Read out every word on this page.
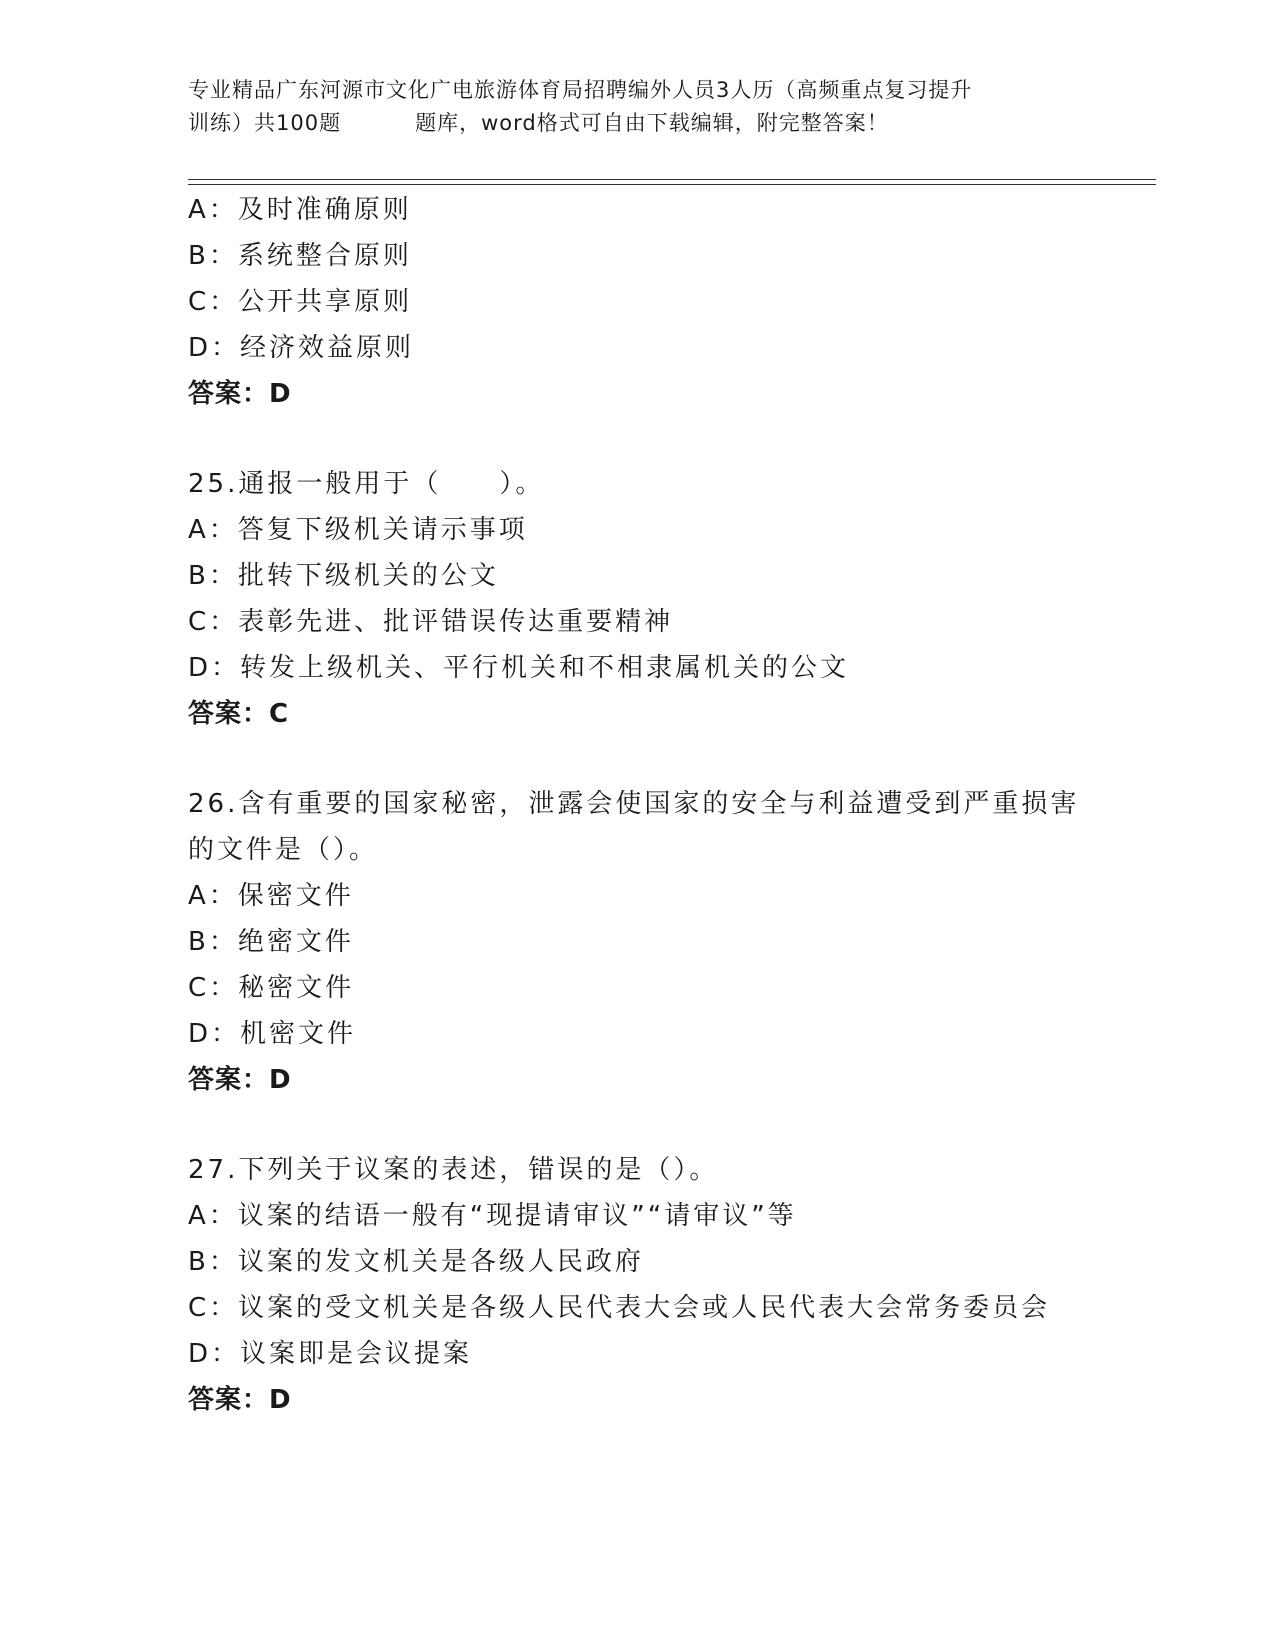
专业精品广东河源市文化广电旅游体育局招聘编外人员3人历（高频重点复习提升
训练）共100题	题库，word格式可自由下载编辑，附完整答案！
A：及时准确原则
B：系统整合原则
C：公开共享原则
D：经济效益原则
答案：D
25.通报一般用于（　　）。
A：答复下级机关请示事项
B：批转下级机关的公文
C：表彰先进、批评错误传达重要精神
D：转发上级机关、平行机关和不相隶属机关的公文
答案：C
26.含有重要的国家秘密，泄露会使国家的安全与利益遭受到严重损害的文件是（）。
A：保密文件
B：绝密文件
C：秘密文件
D：机密文件
答案：D
27.下列关于议案的表述，错误的是（）。
A：议案的结语一般有“现提请审议”“请审议”等
B：议案的发文机关是各级人民政府
C：议案的受文机关是各级人民代表大会或人民代表大会常务委员会
D：议案即是会议提案
答案：D
